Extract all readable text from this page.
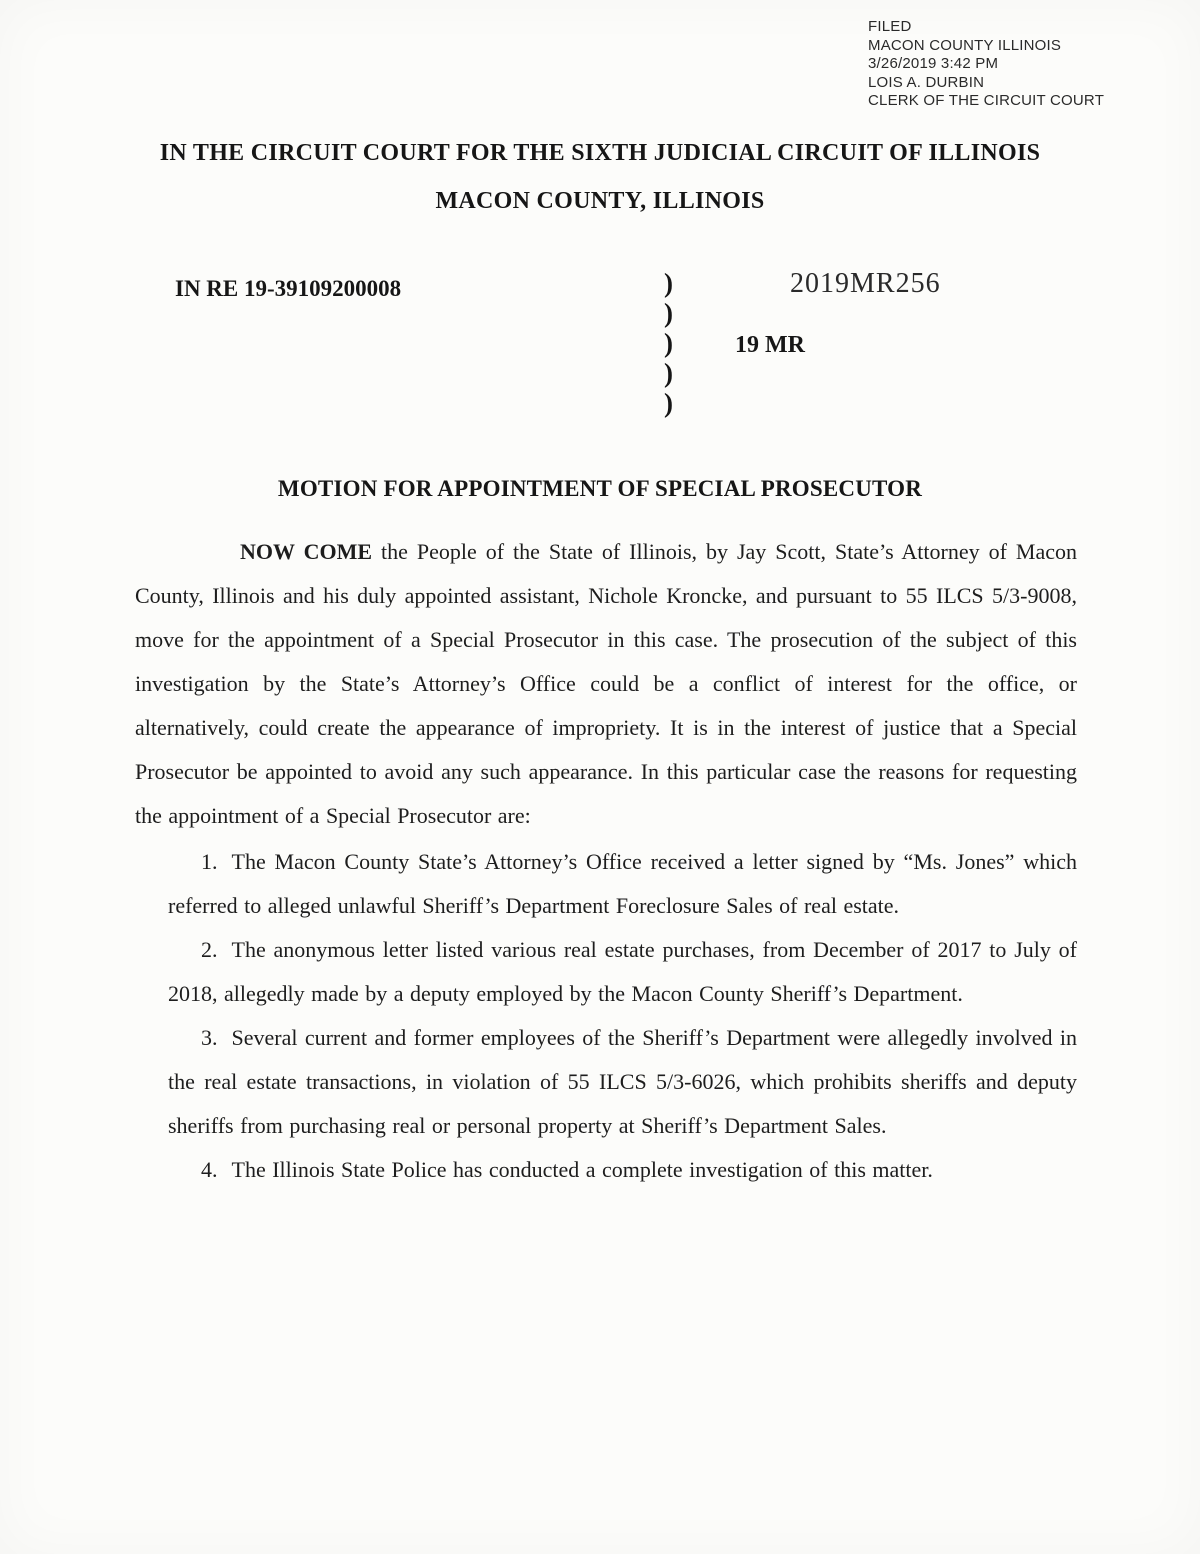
FILED
MACON COUNTY ILLINOIS
3/26/2019 3:42 PM
LOIS A. DURBIN
CLERK OF THE CIRCUIT COURT
IN THE CIRCUIT COURT FOR THE SIXTH JUDICIAL CIRCUIT OF ILLINOIS
MACON COUNTY, ILLINOIS
IN RE 19-39109200008	)
)
)
)
)
2019MR256
19 MR
MOTION FOR APPOINTMENT OF SPECIAL PROSECUTOR

NOW COME the People of the State of Illinois, by Jay Scott, State’s Attorney of Macon County, Illinois and his duly appointed assistant, Nichole Kroncke, and pursuant to 55 ILCS 5/3-9008, move for the appointment of a Special Prosecutor in this case. The prosecution of the subject of this investigation by the State’s Attorney’s Office could be a conflict of interest for the office, or alternatively, could create the appearance of impropriety. It is in the interest of justice that a Special Prosecutor be appointed to avoid any such appearance. In this particular case the reasons for requesting the appointment of a Special Prosecutor are:

1. The Macon County State’s Attorney’s Office received a letter signed by “Ms. Jones” which referred to alleged unlawful Sheriff’s Department Foreclosure Sales of real estate.

2. The anonymous letter listed various real estate purchases, from December of 2017 to July of 2018, allegedly made by a deputy employed by the Macon County Sheriff’s Department.

3. Several current and former employees of the Sheriff’s Department were allegedly involved in the real estate transactions, in violation of 55 ILCS 5/3-6026, which prohibits sheriffs and deputy sheriffs from purchasing real or personal property at Sheriff’s Department Sales.

4. The Illinois State Police has conducted a complete investigation of this matter.
